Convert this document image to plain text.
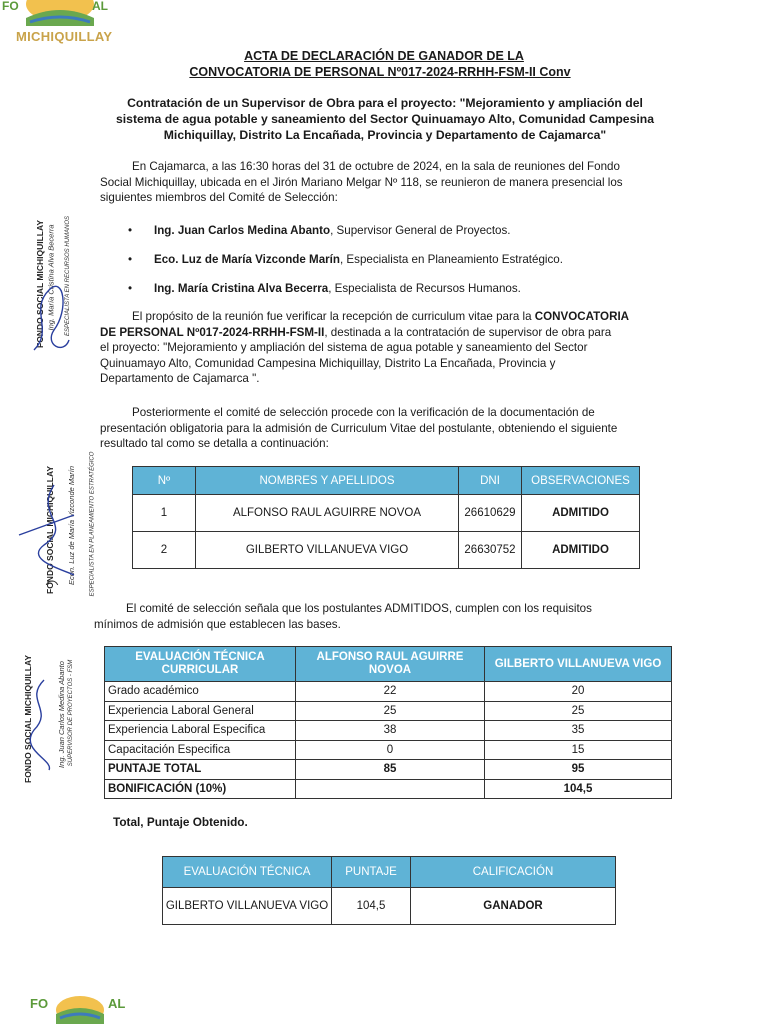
FO	AL
MICHIQUILLAY
ACTA DE DECLARACIÓN DE GANADOR DE LA
CONVOCATORIA DE PERSONAL Nº017-2024-RRHH-FSM-II Conv
Contratación de un Supervisor de Obra para el proyecto: "Mejoramiento y ampliación del
sistema de agua potable y saneamiento del Sector Quinuamayo Alto, Comunidad Campesina
Michiquillay, Distrito La Encañada, Provincia y Departamento de Cajamarca"
En Cajamarca, a las 16:30 horas del 31 de octubre de 2024, en la sala de reuniones del Fondo
Social Michiquillay, ubicada en el Jirón Mariano Melgar Nº 118, se reunieron de manera presencial los
siguientes miembros del Comité de Selección:
• Ing. Juan Carlos Medina Abanto, Supervisor General de Proyectos.
• Eco. Luz de María Vizconde Marín, Especialista en Planeamiento Estratégico.
• Ing. María Cristina Alva Becerra, Especialista de Recursos Humanos.
El propósito de la reunión fue verificar la recepción de curriculum vitae para la CONVOCATORIA
DE PERSONAL Nº017-2024-RRHH-FSM-II, destinada a la contratación de supervisor de obra para
el proyecto: "Mejoramiento y ampliación del sistema de agua potable y saneamiento del Sector
Quinuamayo Alto, Comunidad Campesina Michiquillay, Distrito La Encañada, Provincia y
Departamento de Cajamarca ".
Posteriormente el comité de selección procede con la verificación de la documentación de
presentación obligatoria para la admisión de Curriculum Vitae del postulante, obteniendo el siguiente
resultado tal como se detalla a continuación:
Nº	NOMBRES Y APELLIDOS	DNI	OBSERVACIONES
1	ALFONSO RAUL AGUIRRE NOVOA	26610629	ADMITIDO
2	GILBERTO VILLANUEVA VIGO	26630752	ADMITIDO
El comité de selección señala que los postulantes ADMITIDOS, cumplen con los requisitos
mínimos de admisión que establecen las bases.
EVALUACIÓN TÉCNICA CURRICULAR	ALFONSO RAUL AGUIRRE NOVOA	GILBERTO VILLANUEVA VIGO
Grado académico	22	20
Experiencia Laboral General	25	25
Experiencia Laboral Especifica	38	35
Capacitación Especifica	0	15
PUNTAJE TOTAL	85	95
BONIFICACIÓN (10%)		104,5
Total, Puntaje Obtenido.
EVALUACIÓN TÉCNICA	PUNTAJE	CALIFICACIÓN
GILBERTO VILLANUEVA VIGO	104,5	GANADOR
FONDO SOCIAL MICHIQUILLAY Ing. María Cristina Alva Becerra ESPECIALISTA EN RECURSOS HUMANOS
FONDO SOCIAL MICHIQUILLAY Econ. Luz de María Vizconde Marín ESPECIALISTA EN PLANEAMIENTO ESTRATÉGICO
FONDO SOCIAL MICHIQUILLAY	Ing. Juan Carlos Medina Abanto SUPERVISOR DE PROYECTOS - FSM
FO	AL
